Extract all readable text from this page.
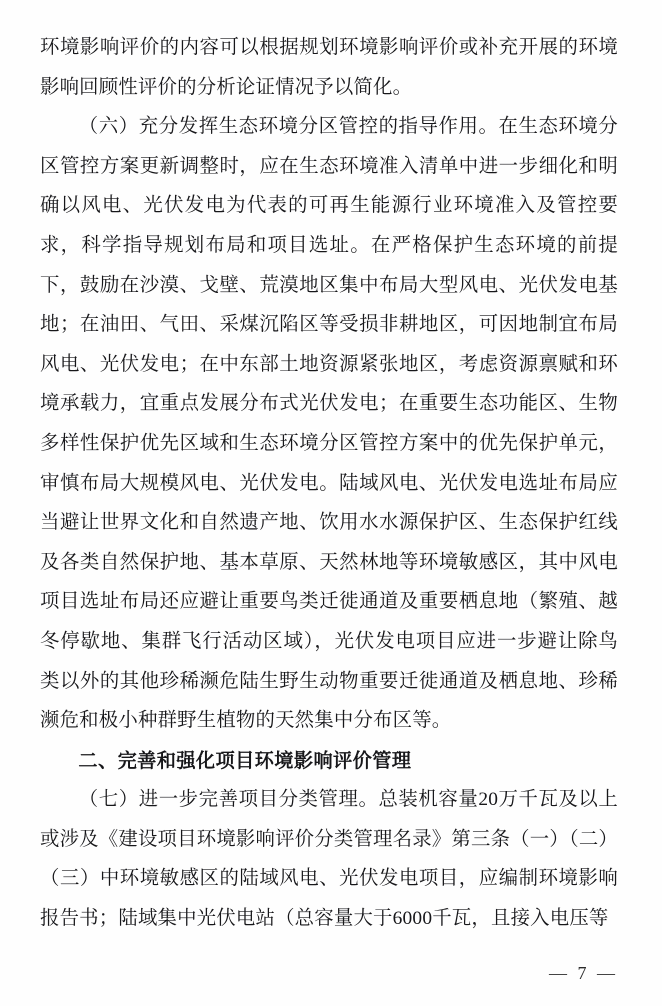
环境影响评价的内容可以根据规划环境影响评价或补充开展的环境影响回顾性评价的分析论证情况予以简化。

（六）充分发挥生态环境分区管控的指导作用。在生态环境分区管控方案更新调整时，应在生态环境准入清单中进一步细化和明确以风电、光伏发电为代表的可再生能源行业环境准入及管控要求，科学指导规划布局和项目选址。在严格保护生态环境的前提下，鼓励在沙漠、戈壁、荒漠地区集中布局大型风电、光伏发电基地；在油田、气田、采煤沉陷区等受损非耕地区，可因地制宜布局风电、光伏发电；在中东部土地资源紧张地区，考虑资源禀赋和环境承载力，宜重点发展分布式光伏发电；在重要生态功能区、生物多样性保护优先区域和生态环境分区管控方案中的优先保护单元，审慎布局大规模风电、光伏发电。陆域风电、光伏发电选址布局应当避让世界文化和自然遗产地、饮用水水源保护区、生态保护红线及各类自然保护地、基本草原、天然林地等环境敏感区，其中风电项目选址布局还应避让重要鸟类迁徙通道及重要栖息地（繁殖、越冬停歇地、集群飞行活动区域），光伏发电项目应进一步避让除鸟类以外的其他珍稀濒危陆生野生动物重要迁徙通道及栖息地、珍稀濒危和极小种群野生植物的天然集中分布区等。

二、完善和强化项目环境影响评价管理

（七）进一步完善项目分类管理。总装机容量20万千瓦及以上或涉及《建设项目环境影响评价分类管理名录》第三条（一）（二）（三）中环境敏感区的陆域风电、光伏发电项目，应编制环境影响报告书；陆域集中光伏电站（总容量大于6000千瓦，且接入电压等

— 7 —
